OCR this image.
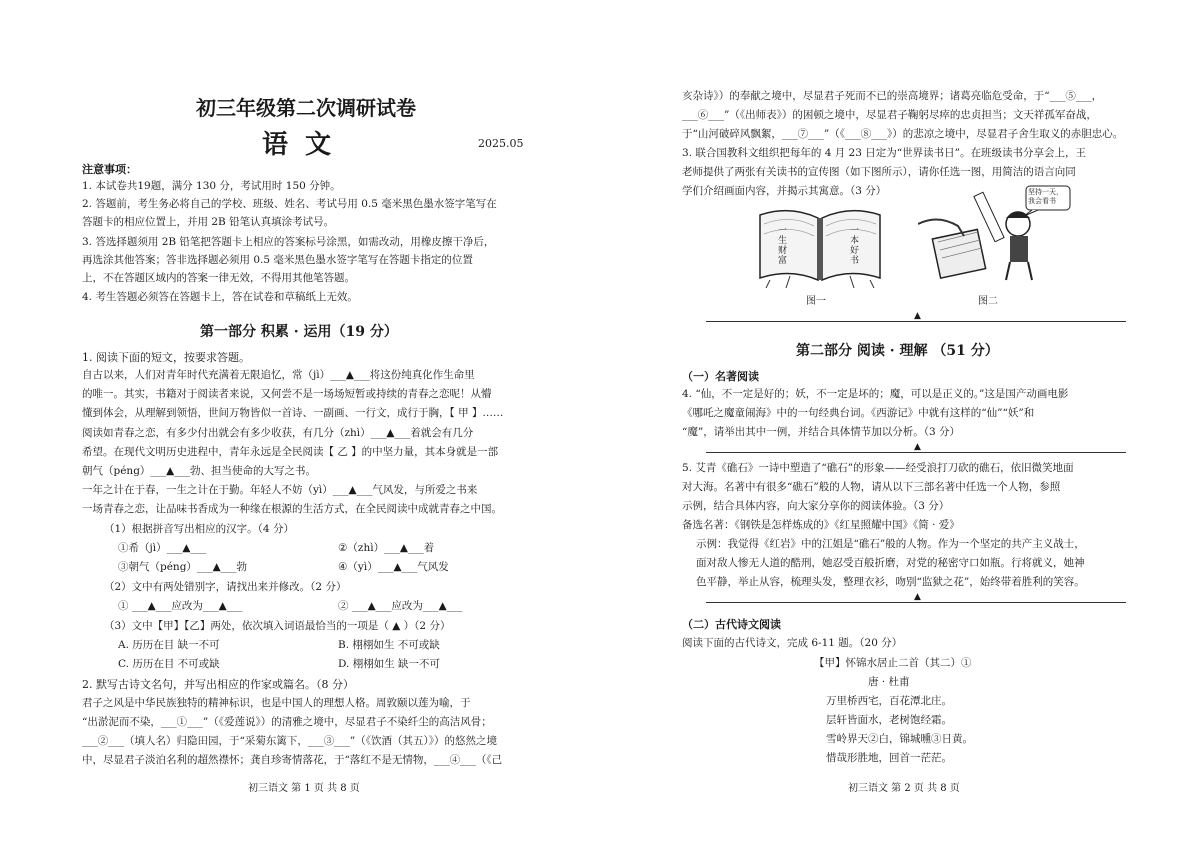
初三年级第二次调研试卷
语 文	2025.05
注意事项：
1. 本试卷共19题，满分 130 分，考试用时 150 分钟。
2. 答题前，考生务必将自己的学校、班级、姓名、考试号用 0.5 毫米黑色墨水签字笔写在
答题卡的相应位置上，并用 2B 铅笔认真填涂考试号。
3. 答选择题须用 2B 铅笔把答题卡上相应的答案标号涂黑，如需改动，用橡皮擦干净后，
再选涂其他答案；答非选择题必须用 0.5 毫米黑色墨水签字笔写在答题卡指定的位置
上，不在答题区域内的答案一律无效，不得用其他笔答题。
4. 考生答题必须答在答题卡上，答在试卷和草稿纸上无效。
第一部分 积累 · 运用（19 分）
1. 阅读下面的短文，按要求答题。
自古以来，人们对青年时代充满着无限追忆，常（jì）___▲___将这份纯真化作生命里
的唯一。其实，书籍对于阅读者来说，又何尝不是一场场短暂或持续的青春之恋呢！从懵
懂到体会，从理解到领悟，世间万物皆似一首诗、一副画、一行文，成行于胸，【 甲 】……
阅读如青春之恋，有多少付出就会有多少收获，有几分（zhì）___▲___着就会有几分
希望。在现代文明历史进程中，青年永远是全民阅读【 乙 】的中坚力量，其本身就是一部
朝气（péng）___▲___勃、担当使命的大写之书。
一年之计在于春，一生之计在于勤。年轻人不妨（yì）___▲___气风发，与所爱之书来
一场青春之恋，让品味书香成为一种缘在根源的生活方式，在全民阅读中成就青春之中国。
（1）根据拼音写出相应的汉字。（4 分）
①希（jì）___▲___	②（zhì）___▲___着
③朝气（péng）___▲___勃	④（yì）___▲___气风发
（2）文中有两处错别字，请找出来并修改。（2 分）
① ___▲___应改为___▲___	② ___▲___应改为___▲___
（3）文中【甲】【乙】两处，依次填入词语最恰当的一项是（ ▲ ）（2 分）
A. 历历在目 缺一不可	B. 栩栩如生 不可或缺
C. 历历在目 不可或缺	D. 栩栩如生 缺一不可
2. 默写古诗文名句，并写出相应的作家或篇名。（8 分）
君子之风是中华民族独特的精神标识，也是中国人的理想人格。周敦颐以莲为喻，于
“出淤泥而不染，___①___”（《爱莲说》）的清雅之境中，尽显君子不染纤尘的高洁风骨；
___②___（填人名）归隐田园，于“采菊东篱下，___③___”（《饮酒（其五）》）的悠然之境
中，尽显君子淡泊名利的超然襟怀；龚自珍寄情落花，于“落红不是无情物，___④___（《己
初三语文 第 1 页 共 8 页
亥杂诗》）的奉献之境中，尽显君子死而不已的崇高境界；诸葛亮临危受命，于“___⑤___，
___⑥___”（《出师表》）的困顿之境中，尽显君子鞠躬尽瘁的忠贞担当；文天祥孤军奋战，
于“山河破碎风飘絮，___⑦___”（《___⑧___》）的悲凉之境中，尽显君子舍生取义的赤胆忠心。
3. 联合国教科文组织把每年的 4 月 23 日定为“世界读书日”。在班级读书分享会上，王
老师提供了两张有关读书的宣传图（如下图所示），请你任选一图，用简洁的语言向同
学们介绍画面内容，并揭示其寓意。（3 分）
一生财富
一本好书
图一
坚持一天，我会看书
图二
▲
第二部分 阅读 · 理解 （51 分）
（一）名著阅读
4. “仙，不一定是好的；妖，不一定是坏的；魔，可以是正义的。”这是国产动画电影
《哪吒之魔童闹海》中的一句经典台词。《西游记》中就有这样的“仙”“妖”和
“魔”，请举出其中一例，并结合具体情节加以分析。（3 分）
▲
5. 艾青《礁石》一诗中塑造了“礁石”的形象——经受浪打刀砍的礁石，依旧微笑地面
对大海。名著中有很多“礁石”般的人物，请从以下三部名著中任选一个人物，参照
示例，结合具体内容，向大家分享你的阅读体验。（3 分）
备选名著：《钢铁是怎样炼成的》《红星照耀中国》《简 · 爱》
示例：我觉得《红岩》中的江姐是“礁石”般的人物。作为一个坚定的共产主义战士，
面对敌人惨无人道的酷刑，她忍受百般折磨，对党的秘密守口如瓶。行将就义，她神
色平静，举止从容，梳理头发，整理衣衫，吻别“监狱之花”，始终带着胜利的笑容。
▲
（二）古代诗文阅读
阅读下面的古代诗文，完成 6-11 题。（20 分）
【甲】怀锦水居止二首（其二）①
唐 · 杜甫
万里桥西宅，百花潭北庄。
层轩皆面水，老树饱经霜。
雪岭界天②白，锦城曛③日黄。
惜哉形胜地，回首一茫茫。
初三语文 第 2 页 共 8 页
